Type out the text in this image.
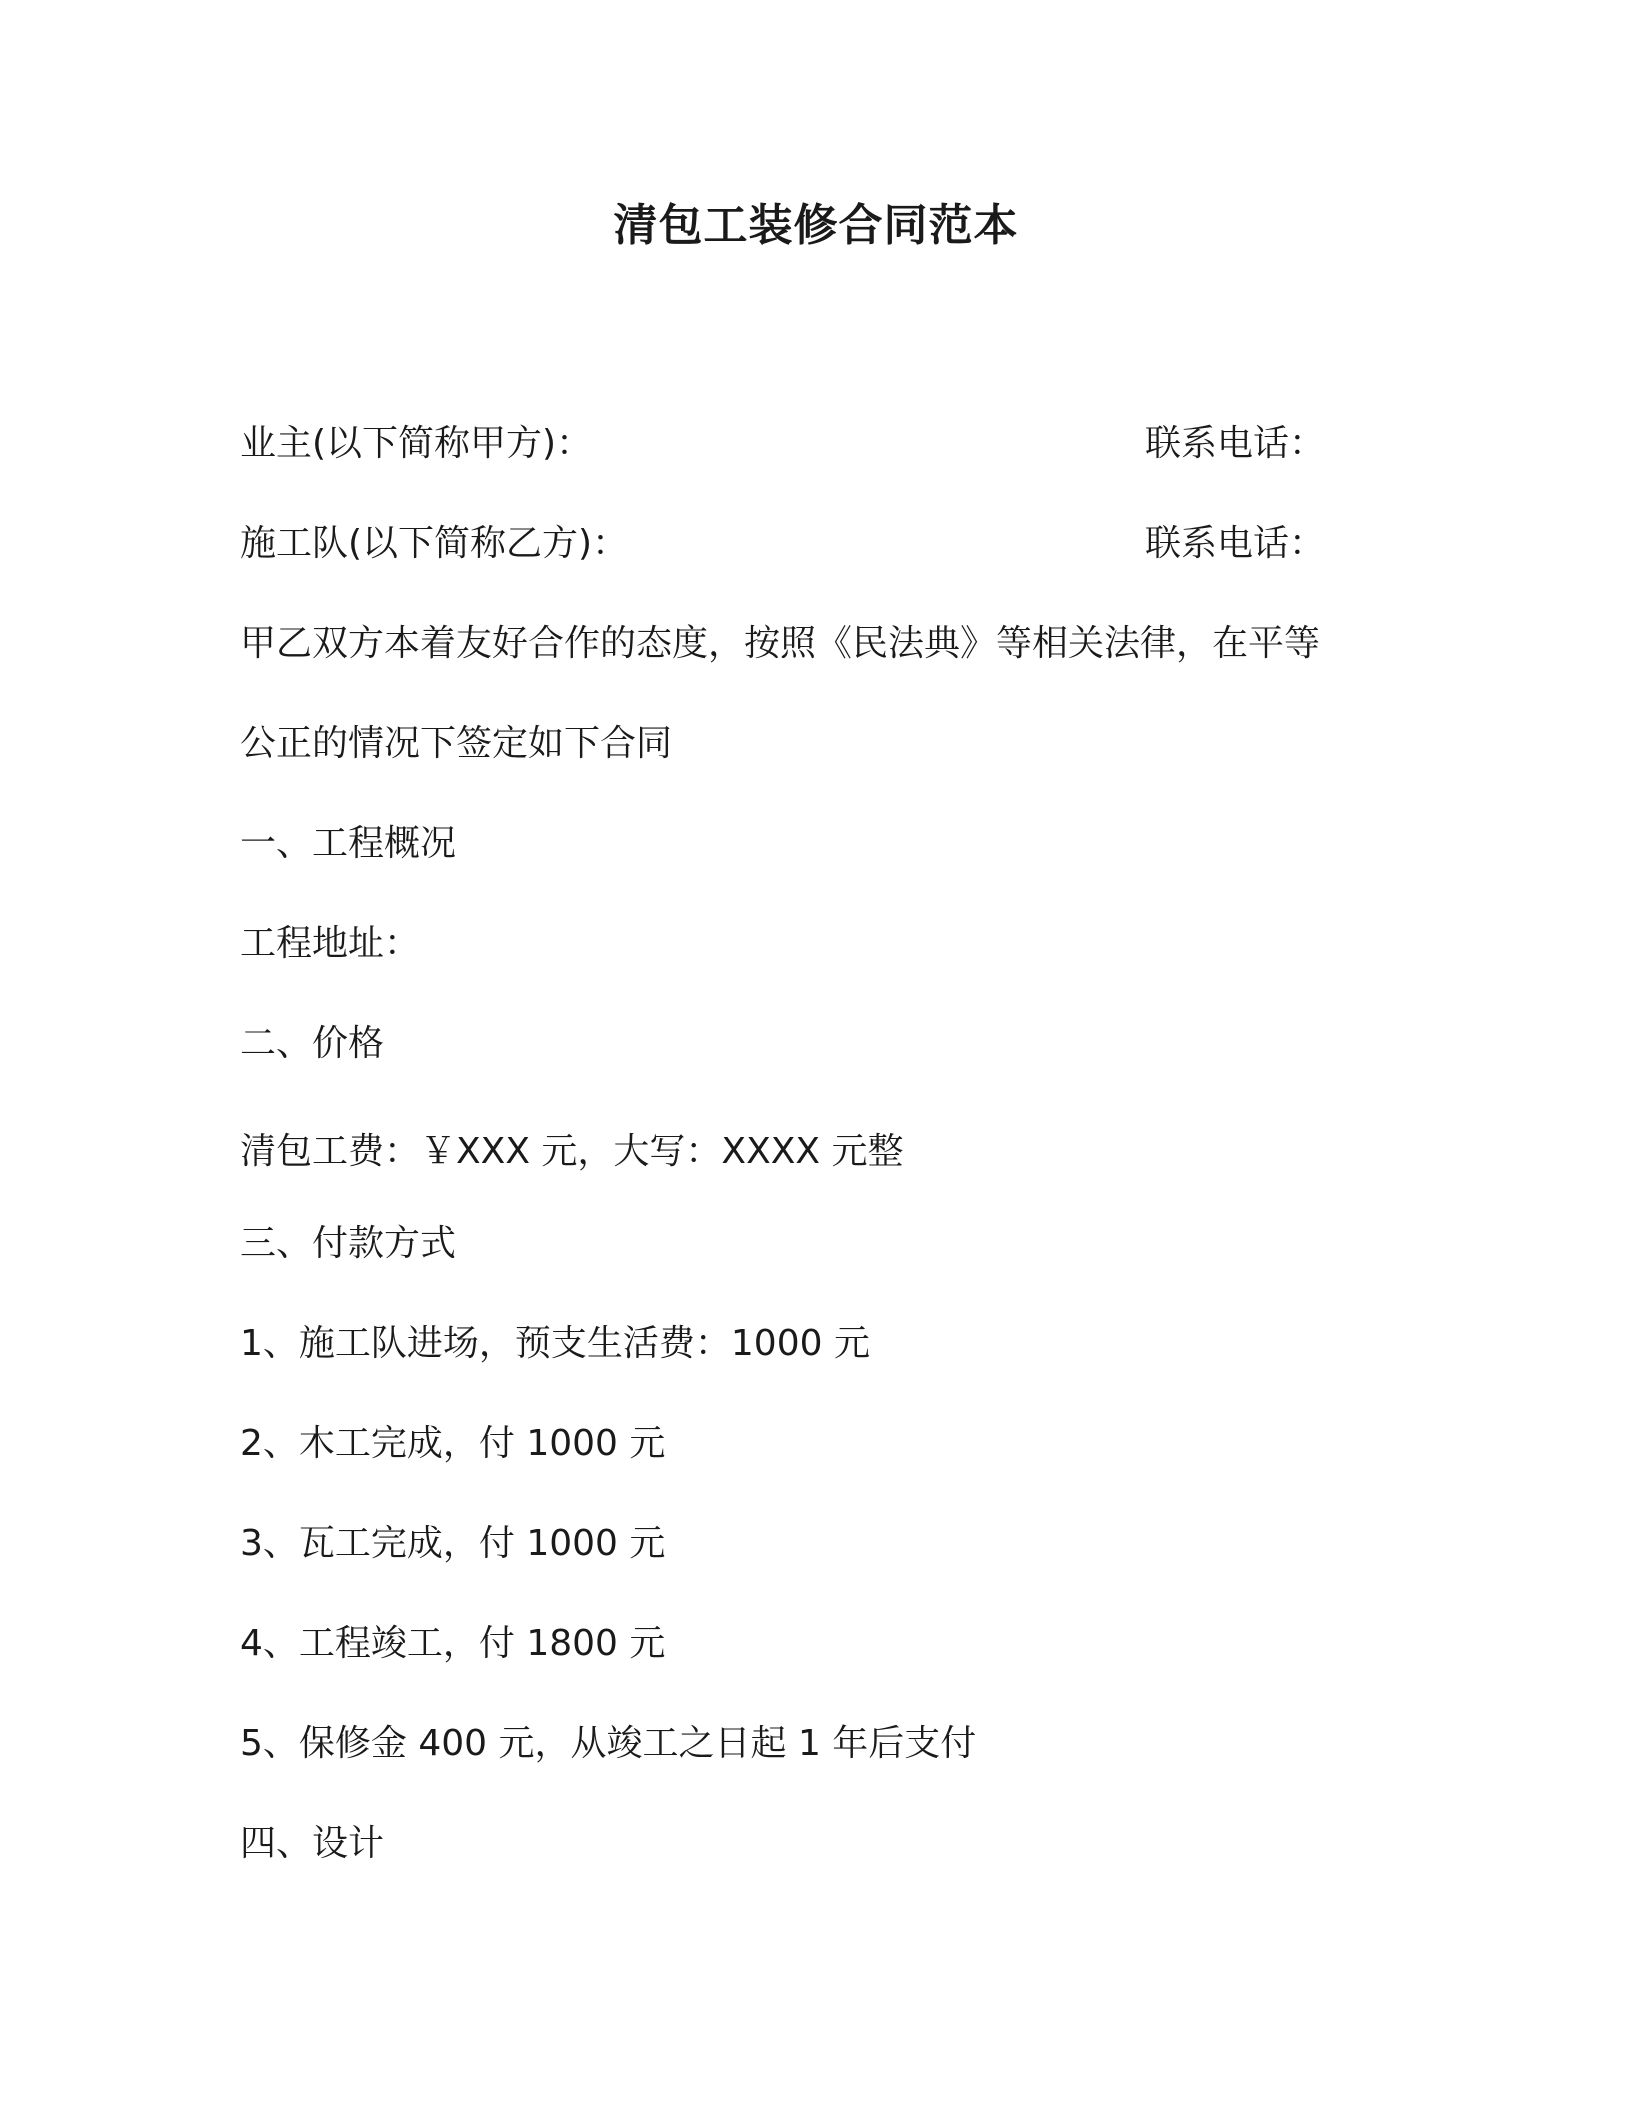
清包工装修合同范本
业主(以下简称甲方)：	联系电话：
施工队(以下简称乙方)：	联系电话：
甲乙双方本着友好合作的态度，按照《民法典》等相关法律，在平等
公正的情况下签定如下合同
一、工程概况
工程地址：
二、价格
清包工费：￥XXX 元，大写：XXXX 元整
三、付款方式
1、施工队进场，预支生活费：1000 元
2、木工完成，付 1000 元
3、瓦工完成，付 1000 元
4、工程竣工，付 1800 元
5、保修金 400 元，从竣工之日起 1 年后支付
四、设计
